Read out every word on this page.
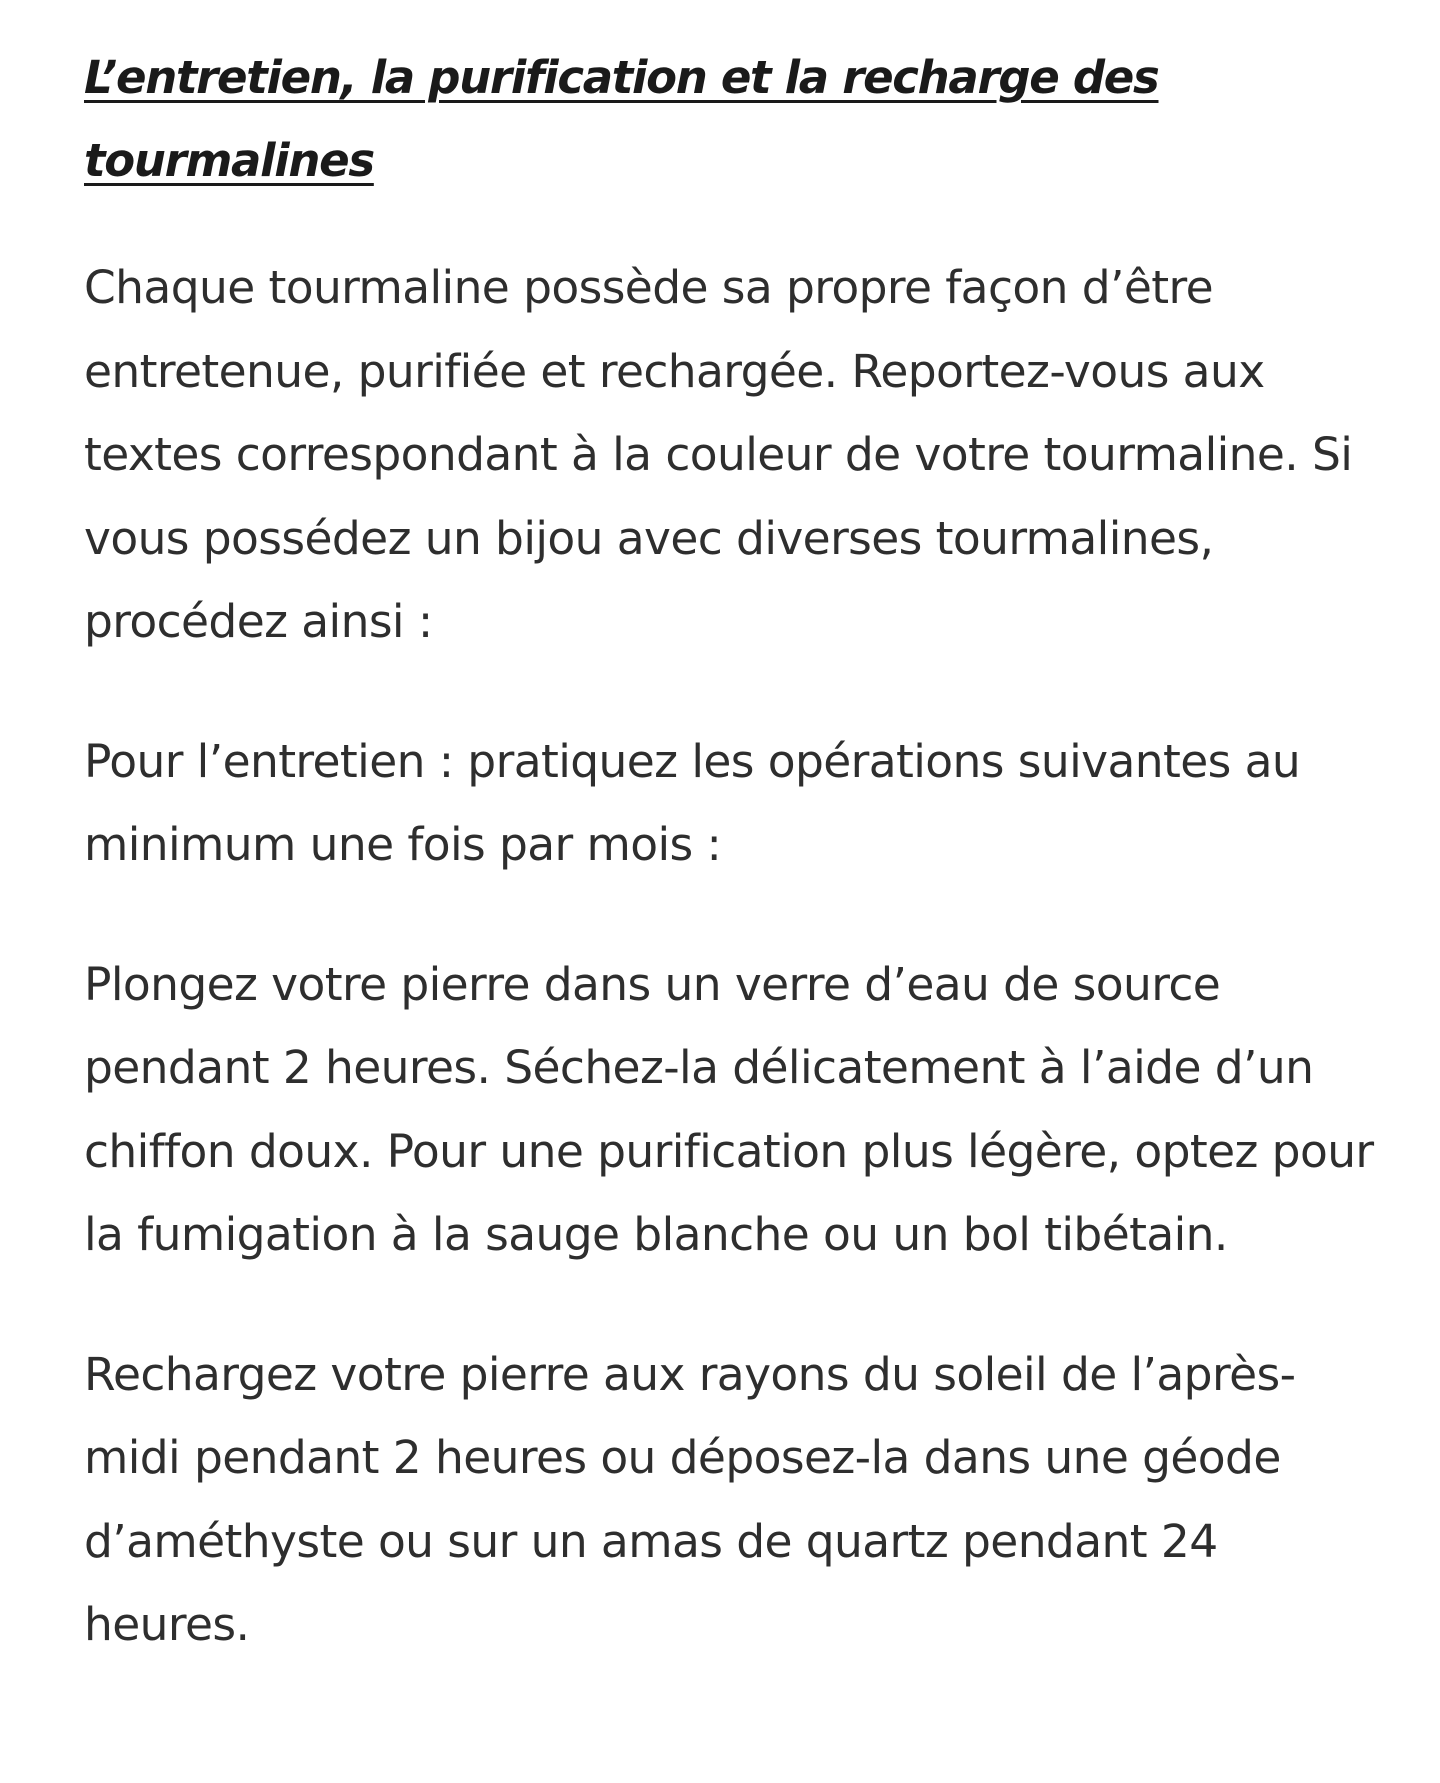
L’entretien, la purification et la recharge des tourmalines

Chaque tourmaline possède sa propre façon d’être entretenue, purifiée et rechargée. Reportez-vous aux textes correspondant à la couleur de votre tourmaline. Si vous possédez un bijou avec diverses tourmalines, procédez ainsi :

Pour l’entretien : pratiquez les opérations suivantes au minimum une fois par mois :

Plongez votre pierre dans un verre d’eau de source pendant 2 heures. Séchez-la délicatement à l’aide d’un chiffon doux. Pour une purification plus légère, optez pour la fumigation à la sauge blanche ou un bol tibétain.

Rechargez votre pierre aux rayons du soleil de l’après-midi pendant 2 heures ou déposez-la dans une géode d’améthyste ou sur un amas de quartz pendant 24 heures.
